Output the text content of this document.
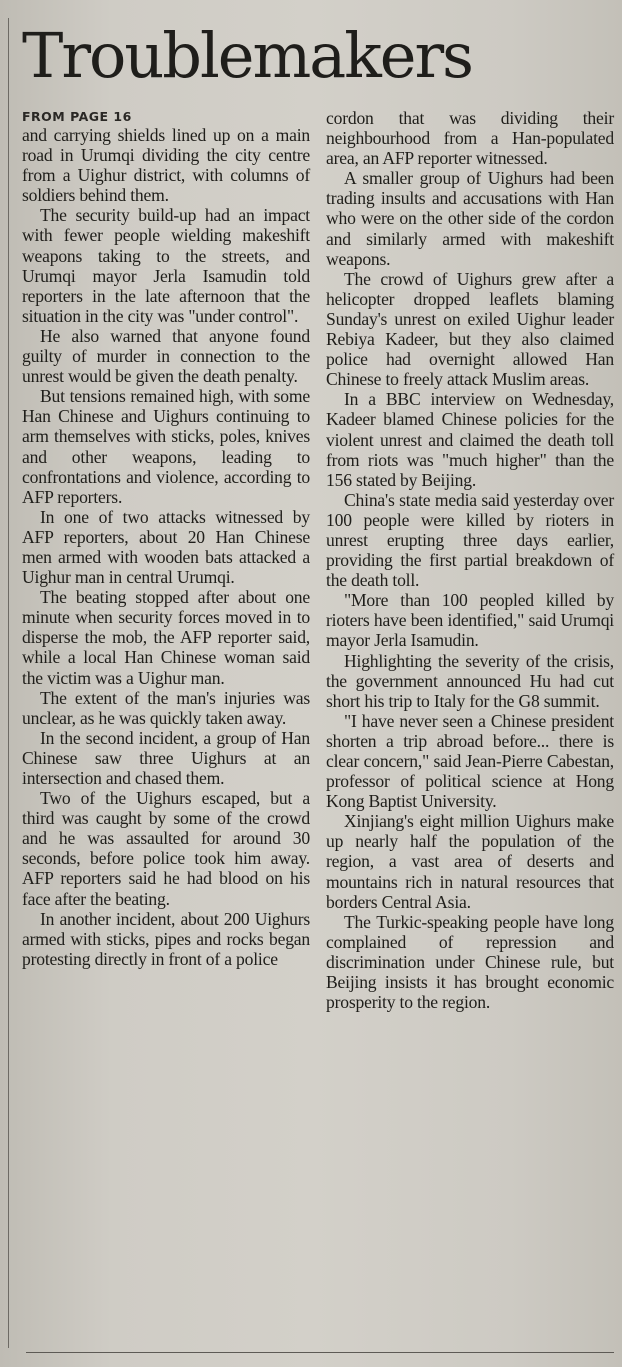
Troublemakers
FROM PAGE 16

and carrying shields lined up on a main road in Urumqi dividing the city centre from a Uighur district, with columns of soldiers behind them.

The security build-up had an impact with fewer people wielding makeshift weapons taking to the streets, and Urumqi mayor Jerla Isamudin told reporters in the late afternoon that the situation in the city was "under control".

He also warned that anyone found guilty of murder in connection to the unrest would be given the death penalty.

But tensions remained high, with some Han Chinese and Uighurs continuing to arm themselves with sticks, poles, knives and other weapons, leading to confrontations and violence, according to AFP reporters.

In one of two attacks witnessed by AFP reporters, about 20 Han Chinese men armed with wooden bats attacked a Uighur man in central Urumqi.

The beating stopped after about one minute when security forces moved in to disperse the mob, the AFP reporter said, while a local Han Chinese woman said the victim was a Uighur man.

The extent of the man's injuries was unclear, as he was quickly taken away.

In the second incident, a group of Han Chinese saw three Uighurs at an intersection and chased them.

Two of the Uighurs escaped, but a third was caught by some of the crowd and he was assaulted for around 30 seconds, before police took him away. AFP reporters said he had blood on his face after the beating.

In another incident, about 200 Uighurs armed with sticks, pipes and rocks began protesting directly in front of a police

cordon that was dividing their neighbourhood from a Han-populated area, an AFP reporter witnessed.

A smaller group of Uighurs had been trading insults and accusations with Han who were on the other side of the cordon and similarly armed with makeshift weapons.

The crowd of Uighurs grew after a helicopter dropped leaflets blaming Sunday's unrest on exiled Uighur leader Rebiya Kadeer, but they also claimed police had overnight allowed Han Chinese to freely attack Muslim areas.

In a BBC interview on Wednesday, Kadeer blamed Chinese policies for the violent unrest and claimed the death toll from riots was "much higher" than the 156 stated by Beijing.

China's state media said yesterday over 100 people were killed by rioters in unrest erupting three days earlier, providing the first partial breakdown of the death toll.

"More than 100 peopled killed by rioters have been identified," said Urumqi mayor Jerla Isamudin.

Highlighting the severity of the crisis, the government announced Hu had cut short his trip to Italy for the G8 summit.

"I have never seen a Chinese president shorten a trip abroad before... there is clear concern," said Jean-Pierre Cabestan, professor of political science at Hong Kong Baptist University.

Xinjiang's eight million Uighurs make up nearly half the population of the region, a vast area of deserts and mountains rich in natural resources that borders Central Asia.

The Turkic-speaking people have long complained of repression and discrimination under Chinese rule, but Beijing insists it has brought economic prosperity to the region.
